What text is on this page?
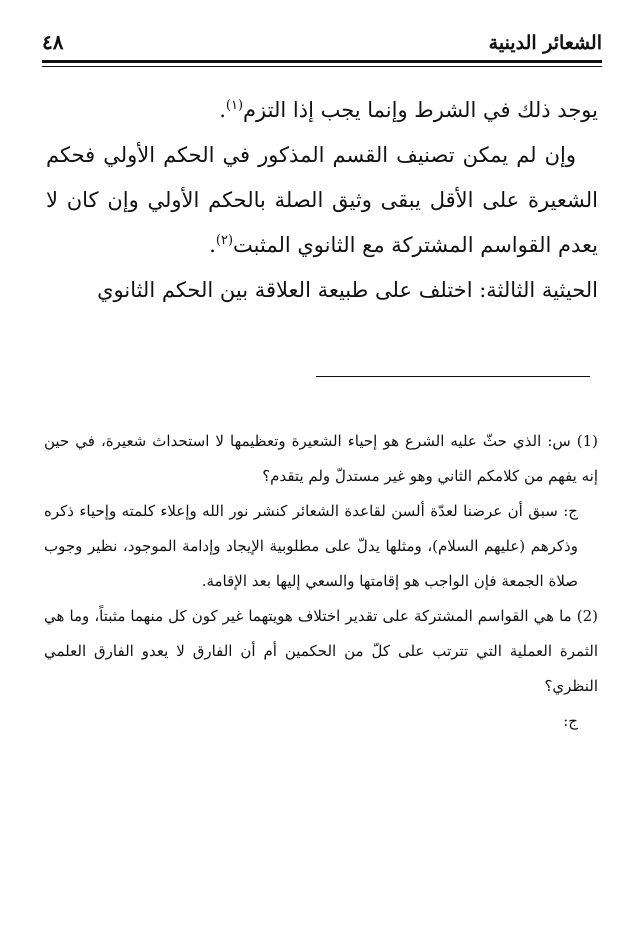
الشعائر الدينية
٤٨

يوجد ذلك في الشرط وإنما يجب إذا التزم$^{(١)}$.

وإن لم يمكن تصنيف القسم المذكور في الحكم الأولي فحكم الشعيرة على الأقل يبقى وثيق الصلة بالحكم الأولي وإن كان لا يعدم القواسم المشتركة مع الثانوي المثبت$^{(٢)}$.

الحيثية الثالثة: اختلف على طبيعة العلاقة بين الحكم الثانوي

(1) س: الذي حثّ عليه الشرع هو إحياء الشعيرة وتعظيمها لا استحداث شعيرة، في حين إنه يفهم من كلامكم الثاني وهو غير مستدلّ ولم يتقدم؟

ج: سبق أن عرضنا لعدّة ألسن لقاعدة الشعائر كنشر نور الله وإعلاء كلمته وإحياء ذكره وذكرهم (عليهم السلام)، ومثلها يدلّ على مطلوبية الإيجاد وإدامة الموجود، نظير وجوب صلاة الجمعة فإن الواجب هو إقامتها والسعي إليها بعد الإقامة.

(2) ما هي القواسم المشتركة على تقدير اختلاف هويتهما غير كون كل منهما مثبتاً، وما هي الثمرة العملية التي تترتب على كلّ من الحكمين أم أن الفارق لا يعدو الفارق العلمي النظري؟

ج:
